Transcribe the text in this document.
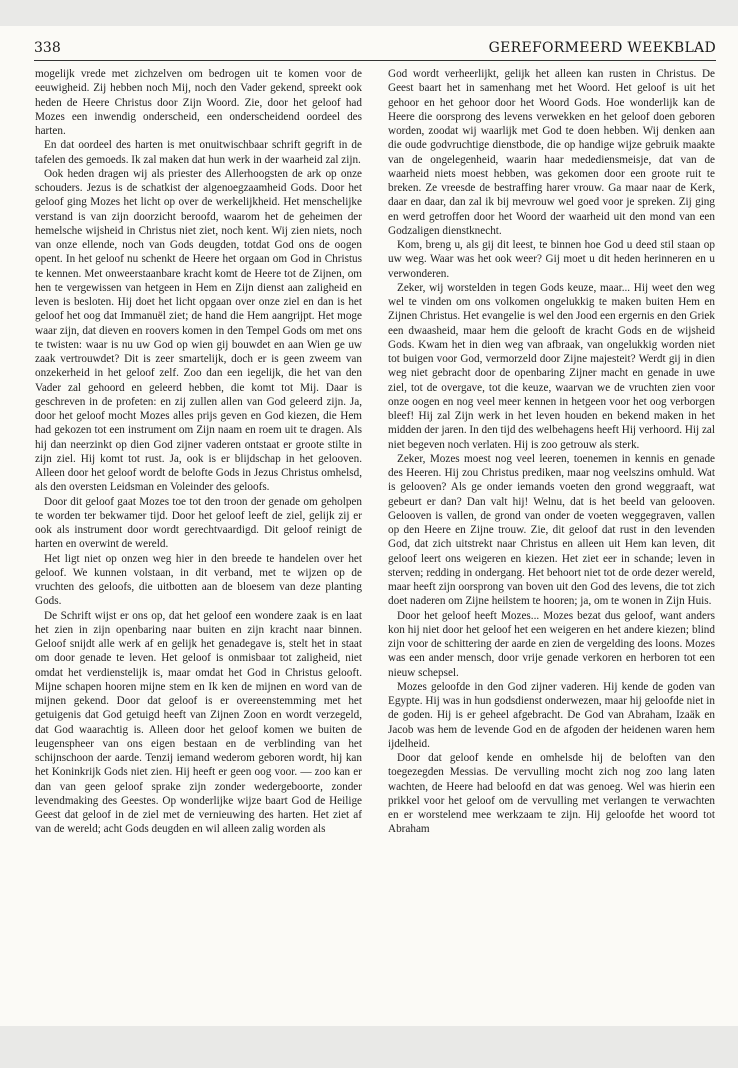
338	GEREFORMEERD WEEKBLAD

mogelijk vrede met zichzelven om bedrogen uit te komen voor de eeuwigheid. Zij hebben noch Mij, noch den Vader gekend, spreekt ook heden de Heere Christus door Zijn Woord. Zie, door het geloof had Mozes een inwendig onderscheid, een onderscheidend oordeel des harten.

En dat oordeel des harten is met onuitwischbaar schrift gegrift in de tafelen des gemoeds. Ik zal maken dat hun werk in der waarheid zal zijn.

Ook heden dragen wij als priester des Allerhoogsten de ark op onze schouders. Jezus is de schatkist der algenoegzaamheid Gods. Door het geloof ging Mozes het licht op over de werkelijkheid. Het menschelijke verstand is van zijn doorzicht beroofd, waarom het de geheimen der hemelsche wijsheid in Christus niet ziet, noch kent. Wij zien niets, noch van onze ellende, noch van Gods deugden, totdat God ons de oogen opent. In het geloof nu schenkt de Heere het orgaan om God in Christus te kennen. Met onweerstaanbare kracht komt de Heere tot de Zijnen, om hen te vergewissen van hetgeen in Hem en Zijn dienst aan zaligheid en leven is besloten. Hij doet het licht opgaan over onze ziel en dan is het geloof het oog dat Immanuël ziet; de hand die Hem aangrijpt. Het moge waar zijn, dat dieven en roovers komen in den Tempel Gods om met ons te twisten: waar is nu uw God op wien gij bouwdet en aan Wien ge uw zaak vertrouwdet? Dit is zeer smartelijk, doch er is geen zweem van onzekerheid in het geloof zelf. Zoo dan een iegelijk, die het van den Vader zal gehoord en geleerd hebben, die komt tot Mij. Daar is geschreven in de profeten: en zij zullen allen van God geleerd zijn. Ja, door het geloof mocht Mozes alles prijs geven en God kiezen, die Hem had gekozen tot een instrument om Zijn naam en roem uit te dragen. Als hij dan neerzinkt op dien God zijner vaderen ontstaat er groote stilte in zijn ziel. Hij komt tot rust. Ja, ook is er blijdschap in het gelooven. Alleen door het geloof wordt de belofte Gods in Jezus Christus omhelsd, als den oversten Leidsman en Voleinder des geloofs.

Door dit geloof gaat Mozes toe tot den troon der genade om geholpen te worden ter bekwamer tijd. Door het geloof leeft de ziel, gelijk zij er ook als instrument door wordt gerechtvaardigd. Dit geloof reinigt de harten en overwint de wereld.

Het ligt niet op onzen weg hier in den breede te handelen over het geloof. We kunnen volstaan, in dit verband, met te wijzen op de vruchten des geloofs, die uitbotten aan de bloesem van deze planting Gods.

De Schrift wijst er ons op, dat het geloof een wondere zaak is en laat het zien in zijn openbaring naar buiten en zijn kracht naar binnen. Geloof snijdt alle werk af en gelijk het genadegave is, stelt het in staat om door genade te leven. Het geloof is onmisbaar tot zaligheid, niet omdat het verdienstelijk is, maar omdat het God in Christus gelooft. Mijne schapen hooren mijne stem en Ik ken de mijnen en word van de mijnen gekend. Door dat geloof is er overeenstemming met het getuigenis dat God getuigd heeft van Zijnen Zoon en wordt verzegeld, dat God waarachtig is. Alleen door het geloof komen we buiten de leugenspheer van ons eigen bestaan en de verblinding van het schijnschoon der aarde. Tenzij iemand wederom geboren wordt, hij kan het Koninkrijk Gods niet zien. Hij heeft er geen oog voor. — zoo kan er dan van geen geloof sprake zijn zonder wedergeboorte, zonder levendmaking des Geestes. Op wonderlijke wijze baart God de Heilige Geest dat geloof in de ziel met de vernieuwing des harten. Het ziet af van de wereld; acht Gods deugden en wil alleen zalig worden als

God wordt verheerlijkt, gelijk het alleen kan rusten in Christus. De Geest baart het in samenhang met het Woord. Het geloof is uit het gehoor en het gehoor door het Woord Gods. Hoe wonderlijk kan de Heere die oorsprong des levens verwekken en het geloof doen geboren worden, zoodat wij waarlijk met God te doen hebben. Wij denken aan die oude godvruchtige dienstbode, die op handige wijze gebruik maakte van de ongelegenheid, waarin haar medediensmeisje, dat van de waarheid niets moest hebben, was gekomen door een groote ruit te breken. Ze vreesde de bestraffing harer vrouw. Ga maar naar de Kerk, daar en daar, dan zal ik bij mevrouw wel goed voor je spreken. Zij ging en werd getroffen door het Woord der waarheid uit den mond van een Godzaligen dienstknecht.

Kom, breng u, als gij dit leest, te binnen hoe God u deed stil staan op uw weg. Waar was het ook weer? Gij moet u dit heden herinneren en u verwonderen.

Zeker, wij worstelden in tegen Gods keuze, maar... Hij weet den weg wel te vinden om ons volkomen ongelukkig te maken buiten Hem en Zijnen Christus. Het evangelie is wel den Jood een ergernis en den Griek een dwaasheid, maar hem die gelooft de kracht Gods en de wijsheid Gods. Kwam het in dien weg van afbraak, van ongelukkig worden niet tot buigen voor God, vermorzeld door Zijne majesteit? Werdt gij in dien weg niet gebracht door de openbaring Zijner macht en genade in uwe ziel, tot de overgave, tot die keuze, waarvan we de vruchten zien voor onze oogen en nog veel meer kennen in hetgeen voor het oog verborgen bleef! Hij zal Zijn werk in het leven houden en bekend maken in het midden der jaren. In den tijd des welbehagens heeft Hij verhoord. Hij zal niet begeven noch verlaten. Hij is zoo getrouw als sterk.

Zeker, Mozes moest nog veel leeren, toenemen in kennis en genade des Heeren. Hij zou Christus prediken, maar nog veelszins omhuld. Wat is gelooven? Als ge onder iemands voeten den grond weggraaft, wat gebeurt er dan? Dan valt hij! Welnu, dat is het beeld van gelooven. Gelooven is vallen, de grond van onder de voeten weggegraven, vallen op den Heere en Zijne trouw. Zie, dit geloof dat rust in den levenden God, dat zich uitstrekt naar Christus en alleen uit Hem kan leven, dit geloof leert ons weigeren en kiezen. Het ziet eer in schande; leven in sterven; redding in ondergang. Het behoort niet tot de orde dezer wereld, maar heeft zijn oorsprong van boven uit den God des levens, die tot zich doet naderen om Zijne heilstem te hooren; ja, om te wonen in Zijn Huis.

Door het geloof heeft Mozes... Mozes bezat dus geloof, want anders kon hij niet door het geloof het een weigeren en het andere kiezen; blind zijn voor de schittering der aarde en zien de vergelding des loons. Mozes was een ander mensch, door vrije genade verkoren en herboren tot een nieuw schepsel.

Mozes geloofde in den God zijner vaderen. Hij kende de goden van Egypte. Hij was in hun godsdienst onderwezen, maar hij geloofde niet in de goden. Hij is er geheel afgebracht. De God van Abraham, Izaäk en Jacob was hem de levende God en de afgoden der heidenen waren hem ijdelheid.

Door dat geloof kende en omhelsde hij de beloften van den toegezegden Messias. De vervulling mocht zich nog zoo lang laten wachten, de Heere had beloofd en dat was genoeg. Wel was hierin een prikkel voor het geloof om de vervulling met verlangen te verwachten en er worstelend mee werkzaam te zijn. Hij geloofde het woord tot Abraham
